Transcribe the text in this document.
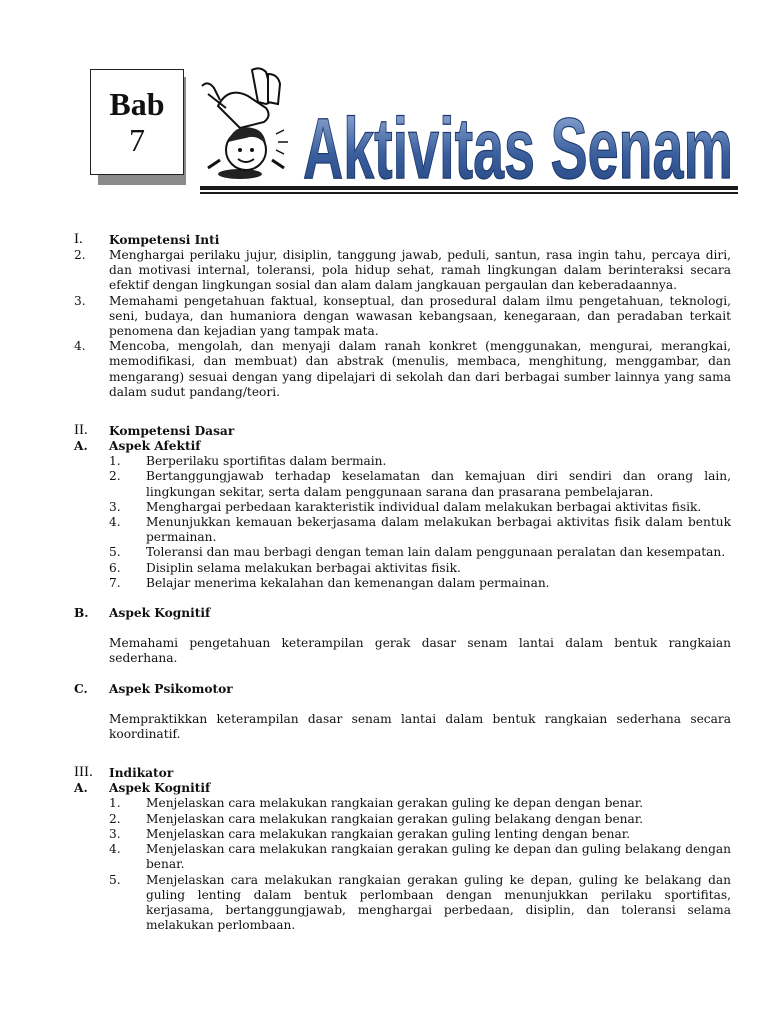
Bab
7 Aktivitas Senam
I.	Kompetensi Inti
2.	Menghargai perilaku jujur, disiplin, tanggung jawab, peduli, santun, rasa ingin tahu, percaya diri, dan motivasi internal, toleransi, pola hidup sehat, ramah lingkungan dalam berinteraksi secara efektif dengan lingkungan sosial dan alam dalam jangkauan pergaulan dan keberadaannya.
3.	Memahami pengetahuan faktual, konseptual, dan prosedural dalam ilmu pengetahuan, teknologi, seni, budaya, dan humaniora dengan wawasan kebangsaan, kenegaraan, dan peradaban terkait penomena dan kejadian yang tampak mata.
4.	Mencoba, mengolah, dan menyaji dalam ranah konkret (menggunakan, mengurai, merangkai, memodifikasi, dan membuat) dan abstrak (menulis, membaca, menghitung, menggambar, dan mengarang) sesuai dengan yang dipelajari di sekolah dan dari berbagai sumber lainnya yang sama dalam sudut pandang/teori.
II.	Kompetensi Dasar
A.	Aspek Afektif
1.	Berperilaku sportifitas dalam bermain.
2.	Bertanggungjawab terhadap keselamatan dan kemajuan diri sendiri dan orang lain, lingkungan sekitar, serta dalam penggunaan sarana dan prasarana pembelajaran.
3.	Menghargai perbedaan karakteristik individual dalam melakukan berbagai aktivitas fisik.
4.	Menunjukkan kemauan bekerjasama dalam melakukan berbagai aktivitas fisik dalam bentuk permainan.
5.	Toleransi dan mau berbagi dengan teman lain dalam penggunaan peralatan dan kesempatan.
6.	Disiplin selama melakukan berbagai aktivitas fisik.
7.	Belajar menerima kekalahan dan kemenangan dalam permainan.
B.	Aspek Kognitif
Memahami pengetahuan keterampilan gerak dasar senam lantai dalam bentuk rangkaian sederhana.
C.	Aspek Psikomotor
Mempraktikkan keterampilan dasar senam lantai dalam bentuk rangkaian sederhana secara koordinatif.
III.	Indikator
A.	Aspek Kognitif
1.	Menjelaskan cara melakukan rangkaian gerakan guling ke depan dengan benar.
2.	Menjelaskan cara melakukan rangkaian gerakan guling belakang dengan benar.
3.	Menjelaskan cara melakukan rangkaian gerakan guling lenting dengan benar.
4.	Menjelaskan cara melakukan rangkaian gerakan guling ke depan dan guling belakang dengan benar.
5.	Menjelaskan cara melakukan rangkaian gerakan guling ke depan, guling ke belakang dan guling lenting dalam bentuk perlombaan dengan menunjukkan perilaku sportifitas, kerjasama, bertanggungjawab, menghargai perbedaan, disiplin, dan toleransi selama melakukan perlombaan.
